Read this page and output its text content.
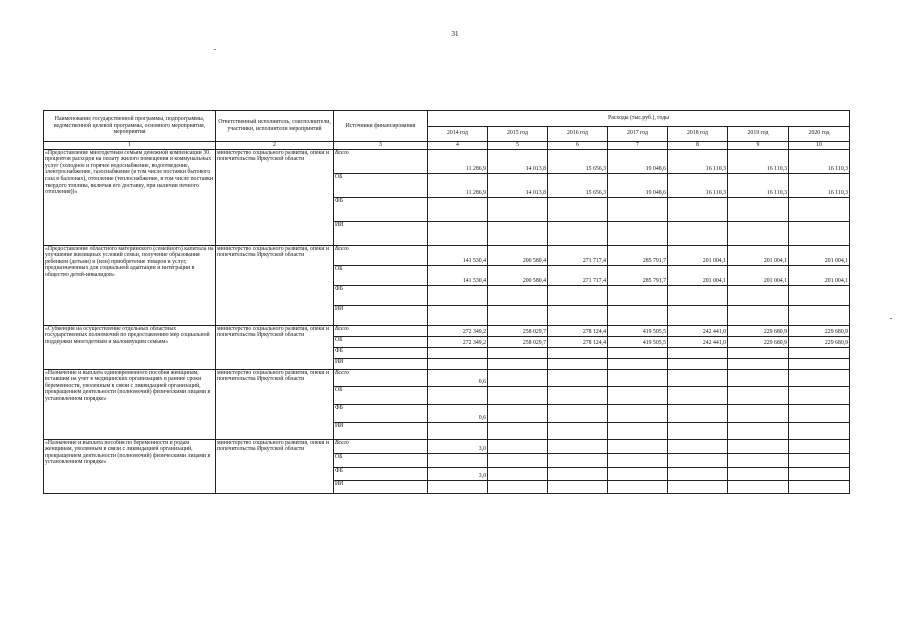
31
Наименование государственной программы, подпрограммы, ведомственной целевой программы, основного мероприятия, мероприятия	Ответственный исполнитель, соисполнители, участники, исполнители мероприятий	Источники финансирования	Расходы (тыс.руб.), годы						
			2014 год	2015 год	2016 год	2017 год	2018 год	2019 год	2020 год
1	2	3	4	5	6	7	8	9	10
«Предоставление многодетным семьям денежной компенсации 30 процентов расходов на оплату жилого помещения и коммунальных услуг (холодное и горячее водоснабжение, водоотведение, электроснабжение, газоснабжение (в том числе поставки бытового газа в баллонах), отопление (теплоснабжение, в том числе поставки твердого топлива, включая его доставку, при наличии печного отопления))»	министерство социального развития, опеки и попечительства Иркутской области	Всего	11 286,9	14 013,8	15 656,3	19 048,6	16 110,3	16 110,3	16 110,3
		ОБ	11 286,9	14 013,8	15 656,3	19 048,6	16 110,3	16 110,3	16 110,3
		ФБ							
		ИИ							
«Предоставление областного материнского (семейного) капитала на улучшение жилищных условий семьи, получение образования ребенком (детьми) и (или) приобретение товаров и услуг, предназначенных для социальной адаптации и интеграции в общество детей-инвалидов»	министерство социального развития, опеки и попечительства Иркутской области	Всего	141 530,4	200 580,4	271 717,4	285 791,7	201 004,1	201 004,1	201 004,1
		ОБ	141 530,4	200 580,4	271 717,4	285 791,7	201 004,1	201 004,1	201 004,1
		ФБ							
		ИИ							
«Субвенция на осуществление отдельных областных государственных полномочий по предоставлению мер социальной поддержки многодетным и малоимущим семьям»	министерство социального развития, опеки и попечительства Иркутской области	Всего	272 349,2	258 029,7	278 124,4	419 505,5	242 441,0	229 680,9	229 680,9
		ОБ	272 349,2	258 029,7	278 124,4	419 505,5	242 441,0	229 680,9	229 680,9
		ФБ							
		ИИ							
«Назначение и выплата единовременного пособия женщинам, вставшим на учет в медицинских организациях в ранние сроки беременности, уволенным в связи с ликвидацией организаций, прекращением деятельности (полномочий) физическими лицами в установленном порядке»	министерство социального развития, опеки и попечительства Иркутской области	Всего	0,6						
		ОБ							
		ФБ	0,6						
		ИИ							
«Назначение и выплата пособия по беременности и родам женщинам, уволенным в связи с ликвидацией организаций, прекращением деятельности (полномочий) физическими лицами в установленном порядке»	министерство социального развития, опеки и попечительства Иркутской области	Всего	3,0						
		ОБ							
		ФБ	3,0						
		ИИ							
